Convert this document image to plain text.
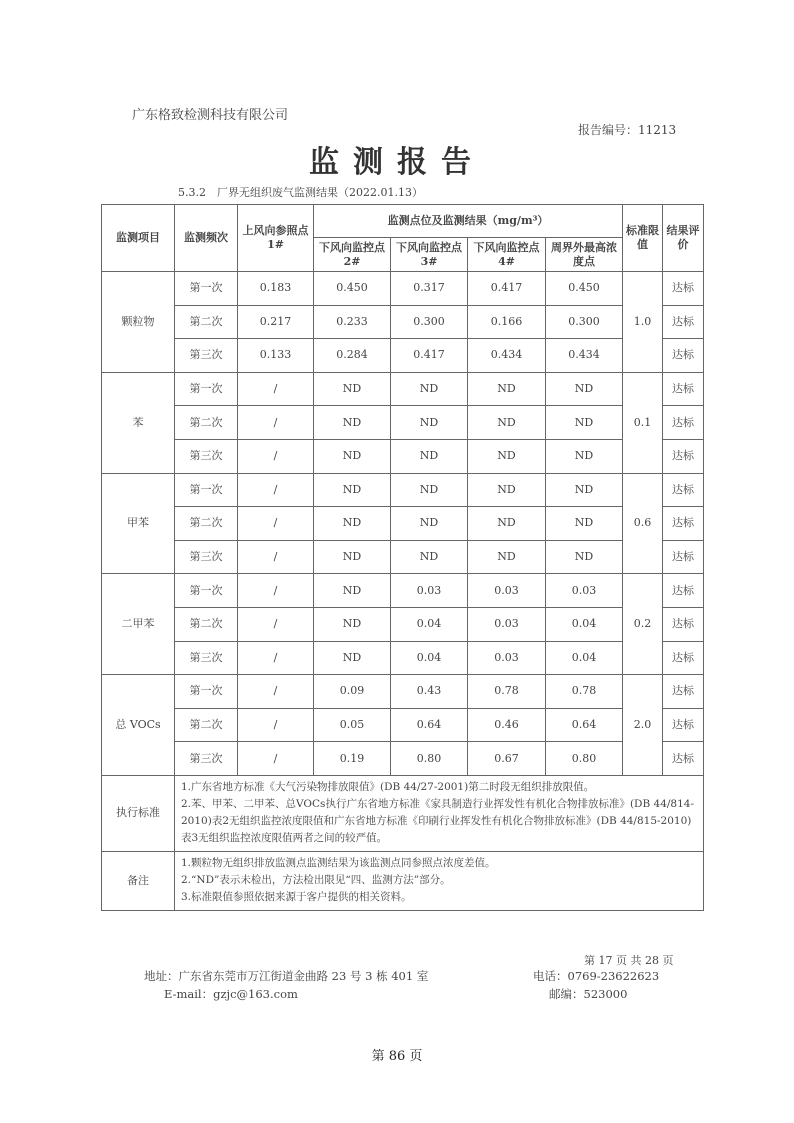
广东格致检测科技有限公司
报告编号：11213
监测报告
5.3.2　厂界无组织废气监测结果（2022.01.13）
监测项目	监测频次	上风向参照点 1#	监测点位及监测结果（mg/m³）				标准限值	结果评价
			下风向监控点 2#	下风向监控点 3#	下风向监控点 4#	周界外最高浓度点		
颗粒物	第一次	0.183	0.450	0.317	0.417	0.450	1.0	达标
	第二次	0.217	0.233	0.300	0.166	0.300		达标
	第三次	0.133	0.284	0.417	0.434	0.434		达标
苯	第一次	/	ND	ND	ND	ND	0.1	达标
	第二次	/	ND	ND	ND	ND		达标
	第三次	/	ND	ND	ND	ND		达标
甲苯	第一次	/	ND	ND	ND	ND	0.6	达标
	第二次	/	ND	ND	ND	ND		达标
	第三次	/	ND	ND	ND	ND		达标
二甲苯	第一次	/	ND	0.03	0.03	0.03	0.2	达标
	第二次	/	ND	0.04	0.03	0.04		达标
	第三次	/	ND	0.04	0.03	0.04		达标
总 VOCs	第一次	/	0.09	0.43	0.78	0.78	2.0	达标
	第二次	/	0.05	0.64	0.46	0.64		达标
	第三次	/	0.19	0.80	0.67	0.80		达标
执行标准	1.广东省地方标准《大气污染物排放限值》(DB 44/27-2001)第二时段无组织排放限值。
2.苯、甲苯、二甲苯、总VOCs执行广东省地方标准《家具制造行业挥发性有机化合物排放标准》(DB 44/814-2010)表2无组织监控浓度限值和广东省地方标准《印刷行业挥发性有机化合物排放标准》(DB 44/815-2010)表3无组织监控浓度限值两者之间的较严值。							

备注	1.颗粒物无组织排放监测点监测结果为该监测点同参照点浓度差值。
2.“ND”表示未检出，方法检出限见“四、监测方法”部分。
3.标准限值参照依据来源于客户提供的相关资料。							
第 17 页 共 28 页
地址：广东省东莞市万江街道金曲路 23 号 3 栋 401 室
E-mail：gzjc@163.com
电话：0769-23622623
邮编：523000
第 86 页
